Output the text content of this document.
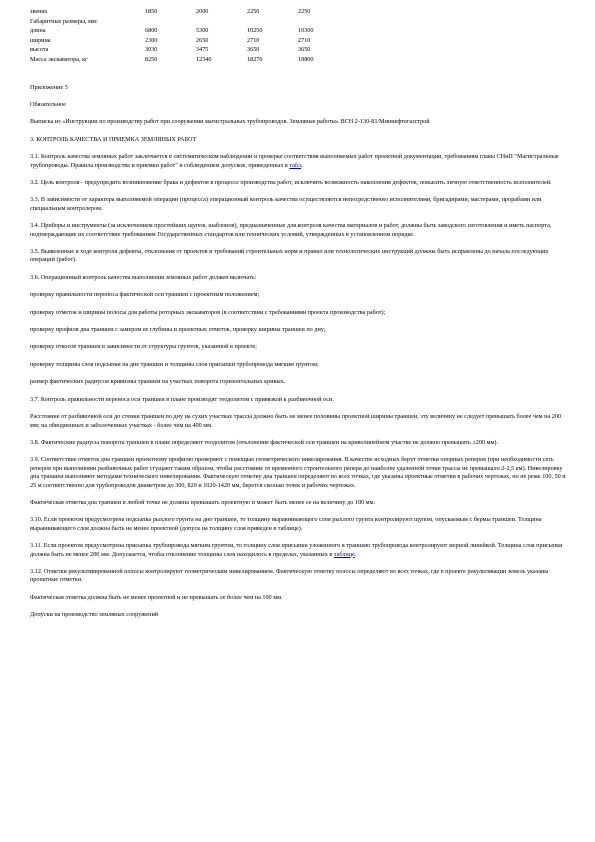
звенях	1850	2000	2250	2250
Габаритные размеры, мм:				
длина	6800	5300	10250	10300
ширина	2300	2650	2710	2710
высота	3030	3475	3650	3650
Масса экскаватора, кг	8250	12340	18270	18800

Приложение 5

Обязательное

Выписка из «Инструкции по производству работ при сооружении магистральных трубопроводов. Земляные работы» ВСН 2-130-81/Миннефтегазстрой

3. КОНТРОЛЬ КАЧЕСТВА И ПРИЕМКА ЗЕМЛЯНЫХ РАБОТ

3.1. Контроль качества земляных работ заключается в систематическом наблюдении и проверке соответствия выполняемых работ проектной документации, требованиям главы СНиП "Магистральные трубопроводы. Правила производства и приемки работ" и соблюдением допусков, приведенных в табл.

3.2. Цель контроля - предупредить возникновение брака и дефектов в процессе производства работ, исключить возможность накопления дефектов, повысить личную ответственность исполнителей.

3.3. В зависимости от характера выполняемой операции (процесса) операционный контроль качества осуществляется непосредственно исполнителями, бригадирами, мастерами, прорабами или специальным контролером.

3.4. Приборы и инструменты (за исключением простейших щупов, шаблонов), предназначенные для контроля качества материалов и работ, должны быть заводского изготовления и иметь паспорта, подтверждающие их соответствие требованиям Государственных стандартов или технических условий, утвержденных в установленном порядке.

3.5. Выявленные в ходе контроля дефекты, отклонения от проектов и требований строительных норм и правил или технологических инструкций должны быть исправлены до начала последующих операций (работ).

3.6. Операционный контроль качества выполнения земляных работ должен включать:

проверку правильности переноса фактической оси траншеи с проектным положением;

проверку отметок и ширины полосы для работы роторных экскаваторов (в соответствии с требованиями проекта производства работ);

проверку профиля дна траншеи с замером ее глубины и проектных отметок, проверку ширины траншеи по дну;

проверку откосов траншеи в зависимости от структуры грунтов, указанной в проекте;

проверку толщины слоя подсыпки на дне траншеи и толщины слоя присыпки трубопровода мягким грунтом;

размер фактических радиусов кривизны траншеи на участках поворота горизонтальных кривых.

3.7. Контроль правильности переноса оси траншеи в плане производят теодолитом с привязкой к разбивочной оси.

Расстояние от разбивочной оси до стенки траншеи по дну на сухих участках трассы должно быть не менее половины проектной ширины траншеи, эту величину не следует превышать более чем на 200 мм; на обводненных и заболоченных участках - более чем на 400 мм.

3.8. Фактические радиусы поворота траншеи в плане определяют теодолитом (отклонение фактической оси траншеи на криволинейном участке не должно превышать ±200 мм).

3.9. Соответствие отметок дна траншеи проектному профилю проверяют с помощью геометрического нивелирования. В качестве исходных берут отметки опорных реперов (при необходимости сеть реперов при выполнении разбивочных работ сгущают таким образом, чтобы расстояние от временного строительного репера до наиболее удаленной точки трассы не превышало 2-2,5 км). Нивелировку дна траншеи выполняют методами технического нивелирования. Фактическую отметку дна траншеи определяют во всех точках, где указаны проектные отметки в рабочих чертежах, но не реже 100, 50 и 25 м соответственно для трубопроводов диаметром до 300, 820 и 1020-1420 мм, берется сколько точек и рабочих чертежах.

Фактическая отметка дна траншеи в любой точке не должна превышать проектную и может быть менее ее на величину до 100 мм.

3.10. Если проектом предусмотрена подсыпка рыхлого грунта на дно траншеи, то толщину выравнивающего слоя рыхлого грунта контролируют щупом, опускаемым с бермы траншеи. Толщина выравнивающего слоя должна быть не менее проектной (допуск на толщину слоя приведен в таблице).

3.11. Если проектом предусмотрена присыпка трубопровода мягким грунтом, то толщину слоя присыпки уложенного в траншею трубопровода контролируют мерной линейкой. Толщина слоя присыпки должна быть не менее 200 мм. Допускается, чтобы отклонение толщины слоя находилось в пределах, указанных в таблице.

3.12. Отметки рекультивированной полосы контролируют геометрическим нивелированием. Фактическую отметку полосы определяют во всех точках, где в проекте рекультивации земель указаны проектные отметки.

Фактическая отметка должна быть не менее проектной и не превышать ее более чем на 100 мм.

Допуски на производство земляных сооружений
